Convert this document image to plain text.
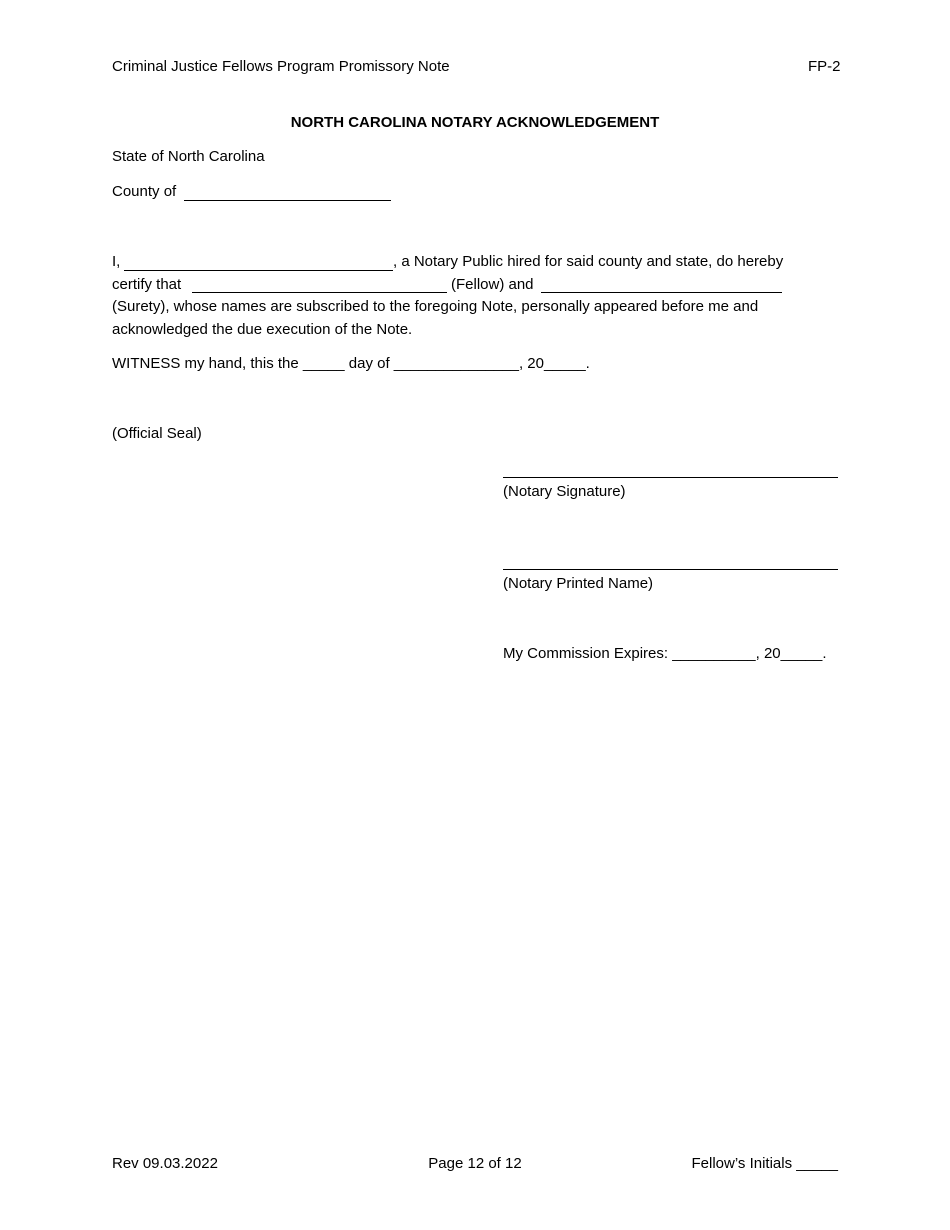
Criminal Justice Fellows Program Promissory Note	FP-2
NORTH CAROLINA NOTARY ACKNOWLEDGEMENT
State of North Carolina
County of
I,	, a Notary Public hired for said county and state, do hereby
certify that	(Fellow) and
(Surety), whose names are subscribed to the foregoing Note, personally appeared before me and
acknowledged the due execution of the Note.
WITNESS my hand, this the _____ day of _______________, 20_____.
(Official Seal)
(Notary Signature)
(Notary Printed Name)
My Commission Expires: __________, 20_____.
Rev 09.03.2022	Page 12 of 12	Fellow’s Initials _____
